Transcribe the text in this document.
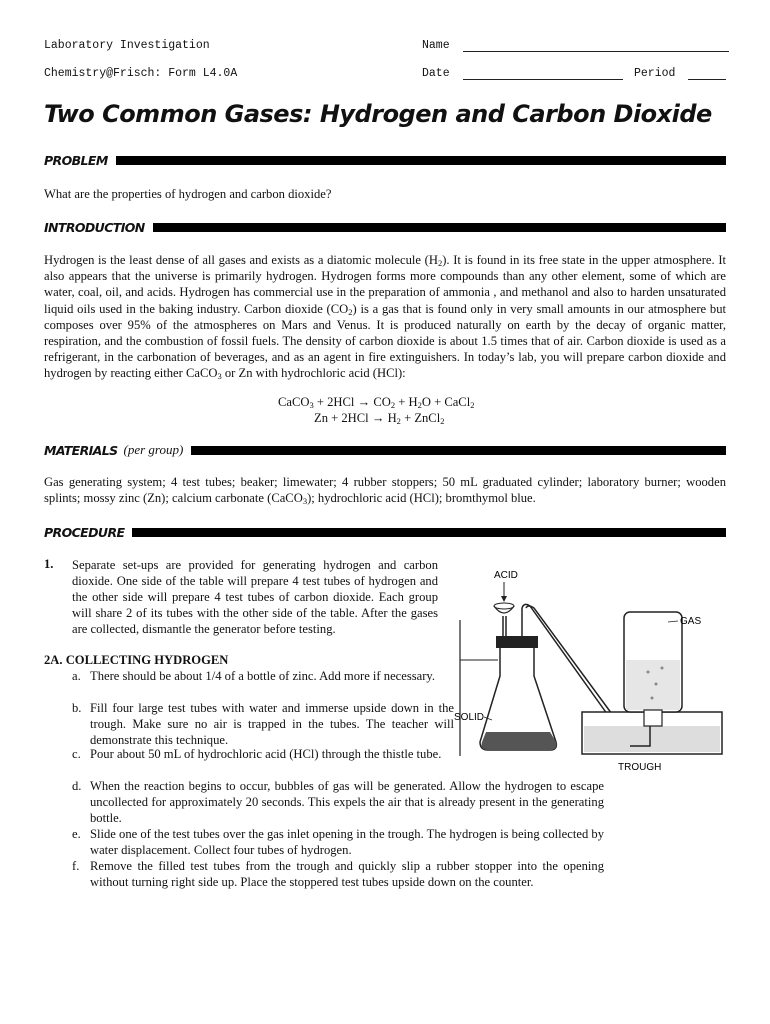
Laboratory Investigation
Chemistry@Frisch: Form L4.0A
Name
Date	Period
Two Common Gases: Hydrogen and Carbon Dioxide
PROBLEM
What are the properties of hydrogen and carbon dioxide?
INTRODUCTION
Hydrogen is the least dense of all gases and exists as a diatomic molecule $(H_2)$. It is found in its free state in the upper atmosphere. It also appears that the universe is primarily hydrogen. Hydrogen forms more compounds than any other element, some of which are water, coal, oil, and acids. Hydrogen has commercial use in the preparation of ammonia , and methanol and also to harden unsaturated liquid oils used in the baking industry. Carbon dioxide $(CO_2)$ is a gas that is found only in very small amounts in our atmosphere but composes over 95% of the atmospheres on Mars and Venus. It is produced naturally on earth by the decay of organic matter, respiration, and the combustion of fossil fuels. The density of carbon dioxide is about 1.5 times that of air. Carbon dioxide is used as a refrigerant, in the carbonation of beverages, and as an agent in fire extinguishers. In today’s lab, you will prepare carbon dioxide and hydrogen by reacting either CaCO$_3$ or Zn with hydrochloric acid (HCl):
CaCO$_3$ + $2HCl \to CO_2 + H_2O$ + CaCl$_2$
$Zn + 2HCl \to H_2$ + ZnCl$_2$
MATERIALS (per group)
Gas generating system; 4 test tubes; beaker; limewater; 4 rubber stoppers; 50 mL graduated cylinder; laboratory burner; wooden splints; mossy zinc (Zn); calcium carbonate (CaCO$_3$); hydrochloric acid (HCl); bromthymol blue.
PROCEDURE
1. Separate set-ups are provided for generating hydrogen and carbon dioxide. One side of the table will prepare 4 test tubes of hydrogen and the other side will prepare 4 test tubes of carbon dioxide. Each group will share 2 of its tubes with the other side of the table. After the gases are collected, dismantle the generator before testing.
2A. COLLECTING HYDROGEN
a. There should be about 1/4 of a bottle of zinc. Add more if necessary.
b. Fill four large test tubes with water and immerse upside down in the trough. Make sure no air is trapped in the tubes. The teacher will demonstrate this technique.
c. Pour about 50 mL of hydrochloric acid (HCl) through the thistle tube.
d. When the reaction begins to occur, bubbles of gas will be generated. Allow the hydrogen to escape uncollected for approximately 20 seconds. This expels the air that is already present in the generating bottle.
e. Slide one of the test tubes over the gas inlet opening in the trough. The hydrogen is being collected by water displacement. Collect four tubes of hydrogen.
f. Remove the filled test tubes from the trough and quickly slip a rubber stopper into the opening without turning right side up. Place the stoppered test tubes upside down on the counter.
ACID
SOLID
GAS
TROUGH
